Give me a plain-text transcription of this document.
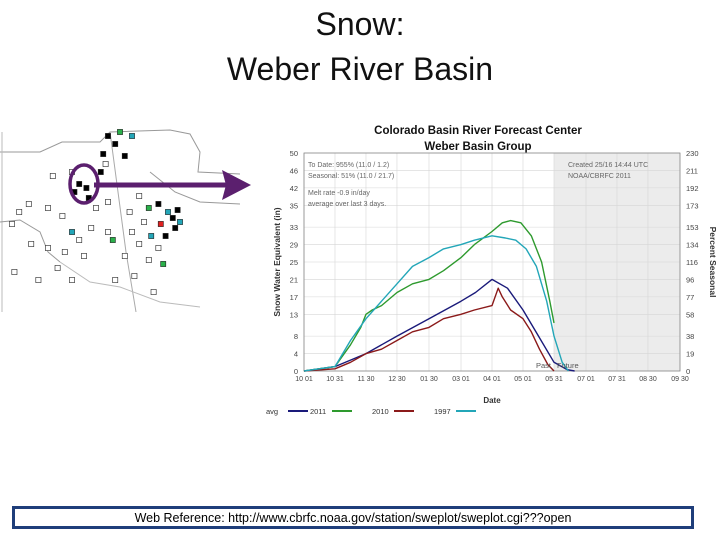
Snow:
Weber River Basin
Colorado Basin River Forecast Center
Weber Basin Group
0
4
8
13
17
21
25
29
33
35
42
46
50
0
19
38
58
77
96
116
134
153
173
192
211
230
10 01 10 31 11 30 12 30 01 30 03 01 04 01 05 01 05 31 07 01 07 31 08 30 09 30
To Date: 955% (11.0 / 1.2)
Seasonal: 51% (11.0 / 21.7)
Melt rate -0.9 in/day
average over last 3 days.
Created 25/16 14:44 UTC
NOAA/CBRFC 2011
Past Future
Snow Water Equivalent (in)	Percent Seasonal
Date
avg	2011	2010	1997
Web Reference: http://www.cbrfc.noaa.gov/station/sweplot/sweplot.cgi???open
